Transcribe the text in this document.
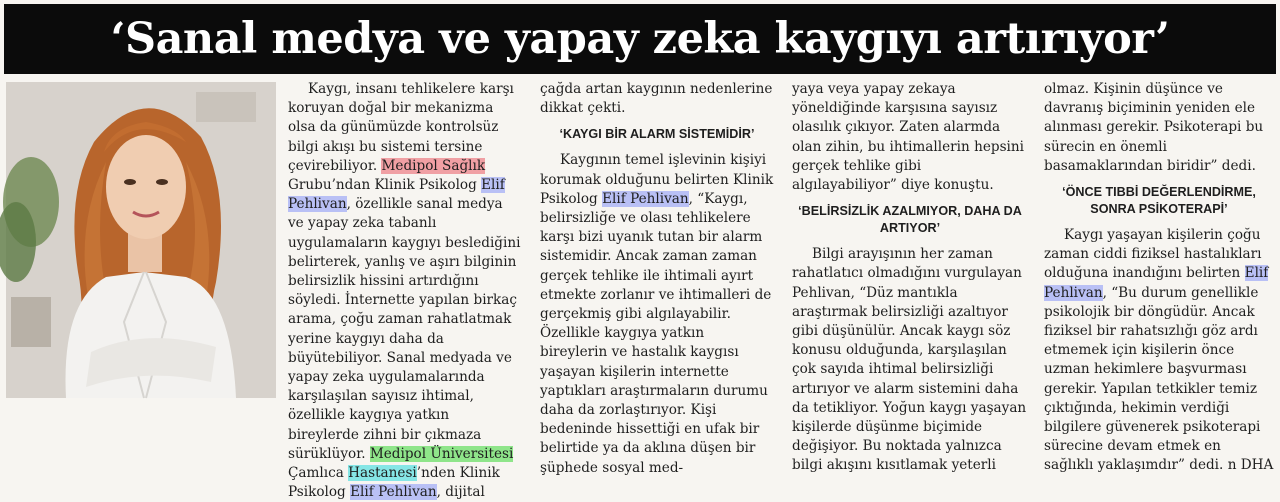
‘Sanal medya ve yapay zeka kaygıyı artırıyor’

Kaygı, insanı tehlikelere karşı koruyan doğal bir mekanizma olsa da günümüzde kontrolsüz bilgi akışı bu sistemi tersine çevirebiliyor. Medipol Sağlık Grubu’ndan Klinik Psikolog Elif Pehlivan, özellikle sanal medya ve yapay zeka tabanlı uygulamaların kaygıyı beslediğini belirterek, yanlış ve aşırı bilginin belirsizlik hissini artırdığını söyledi. İnternette yapılan birkaç arama, çoğu zaman rahatlatmak yerine kaygıyı daha da büyütebiliyor. Sanal medyada ve yapay zeka uygulamalarında karşılaşılan sayısız ihtimal, özellikle kaygıya yatkın bireylerde zihni bir çıkmaza sürüklüyor. Medipol Üniversitesi Çamlıca Hastanesi’nden Klinik Psikolog Elif Pehlivan, dijital

çağda artan kaygının nedenlerine dikkat çekti.

‘KAYGI BİR ALARM SİSTEMİDİR’

Kaygının temel işlevinin kişiyi korumak olduğunu belirten Klinik Psikolog Elif Pehlivan, “Kaygı, belirsizliğe ve olası tehlikelere karşı bizi uyanık tutan bir alarm sistemidir. Ancak zaman zaman gerçek tehlike ile ihtimali ayırt etmekte zorlanır ve ihtimalleri de gerçekmiş gibi algılayabilir. Özellikle kaygıya yatkın bireylerin ve hastalık kaygısı yaşayan kişilerin internette yaptıkları araştırmaların durumu daha da zorlaştırıyor. Kişi bedeninde hissettiği en ufak bir belirtide ya da aklına düşen bir şüphede sosyal med-

yaya veya yapay zekaya yöneldiğinde karşısına sayısız olasılık çıkıyor. Zaten alarmda olan zihin, bu ihtimallerin hepsini gerçek tehlike gibi algılayabiliyor” diye konuştu.

‘BELİRSİZLİK AZALMIYOR, DAHA DA ARTIYOR’

Bilgi arayışının her zaman rahatlatıcı olmadığını vurgulayan Pehlivan, “Düz mantıkla araştırmak belirsizliği azaltıyor gibi düşünülür. Ancak kaygı söz konusu olduğunda, karşılaşılan çok sayıda ihtimal belirsizliği artırıyor ve alarm sistemini daha da tetikliyor. Yoğun kaygı yaşayan kişilerde düşünme biçimide değişiyor. Bu noktada yalnızca bilgi akışını kısıtlamak yeterli

olmaz. Kişinin düşünce ve davranış biçiminin yeniden ele alınması gerekir. Psikoterapi bu sürecin en önemli basamaklarından biridir” dedi.

‘ÖNCE TIBBİ DEĞERLENDİRME, SONRA PSİKOTERAPİ’

Kaygı yaşayan kişilerin çoğu zaman ciddi fiziksel hastalıkları olduğuna inandığını belirten Elif Pehlivan, “Bu durum genellikle psikolojik bir döngüdür. Ancak fiziksel bir rahatsızlığı göz ardı etmemek için kişilerin önce uzman hekimlere başvurması gerekir. Yapılan tetkikler temiz çıktığında, hekimin verdiği bilgilere güvenerek psikoterapi sürecine devam etmek en sağlıklı yaklaşımdır” dedi. n DHA
